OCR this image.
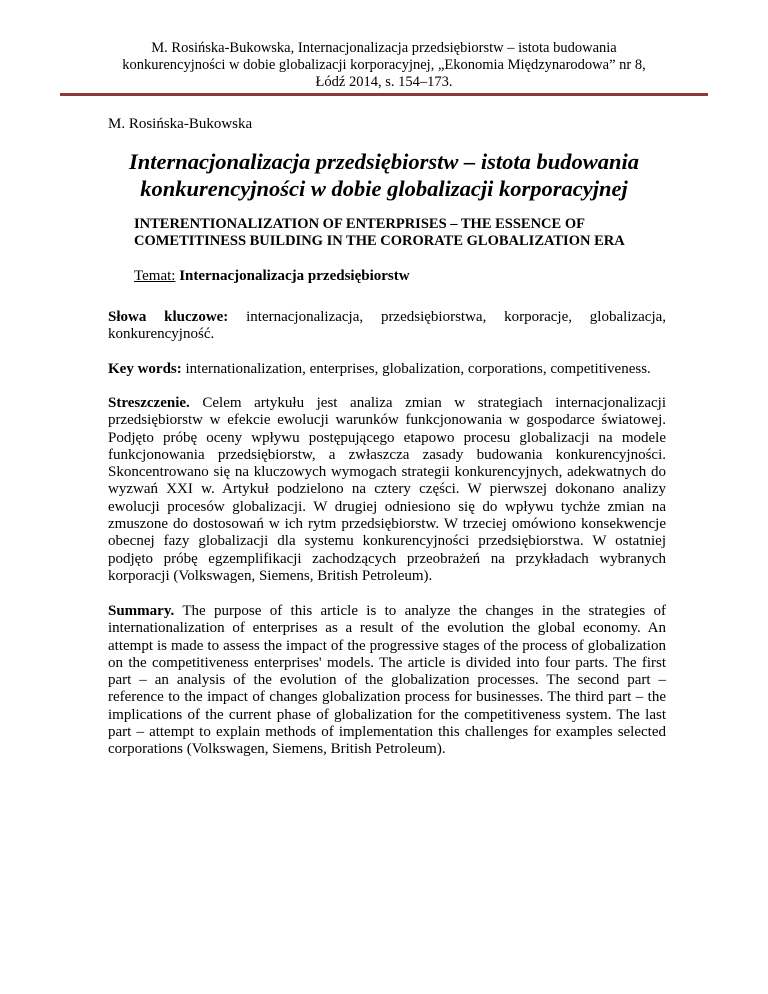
M. Rosińska-Bukowska, Internacjonalizacja przedsiębiorstw – istota budowania
konkurencyjności w dobie globalizacji korporacyjnej, „Ekonomia Międzynarodowa” nr 8,
Łódź 2014, s. 154–173.
M. Rosińska-Bukowska
Internacjonalizacja przedsiębiorstw – istota budowania
konkurencyjności w dobie globalizacji korporacyjnej
INTERENTIONALIZATION OF ENTERPRISES – THE ESSENCE OF
COMETITINESS BUILDING IN THE CORORATE GLOBALIZATION ERA
Temat: Internacjonalizacja przedsiębiorstw
Słowa kluczowe: internacjonalizacja, przedsiębiorstwa, korporacje, globalizacja, konkurencyjność.
Key words: internationalization, enterprises, globalization, corporations, competitiveness.
Streszczenie. Celem artykułu jest analiza zmian w strategiach internacjonalizacji przedsiębiorstw w efekcie ewolucji warunków funkcjonowania w gospodarce światowej. Podjęto próbę oceny wpływu postępującego etapowo procesu globalizacji na modele funkcjonowania przedsiębiorstw, a zwłaszcza zasady budowania konkurencyjności. Skoncentrowano się na kluczowych wymogach strategii konkurencyjnych, adekwatnych do wyzwań XXI w. Artykuł podzielono na cztery części. W pierwszej dokonano analizy ewolucji procesów globalizacji. W drugiej odniesiono się do wpływu tychże zmian na zmuszone do dostosowań w ich rytm przedsiębiorstw. W trzeciej omówiono konsekwencje obecnej fazy globalizacji dla systemu konkurencyjności przedsiębiorstwa. W ostatniej podjęto próbę egzemplifikacji zachodzących przeobrażeń na przykładach wybranych korporacji (Volkswagen, Siemens, British Petroleum).
Summary. The purpose of this article is to analyze the changes in the strategies of internationalization of enterprises as a result of the evolution the global economy. An attempt is made to assess the impact of the progressive stages of the process of globalization on the competitiveness enterprises' models. The article is divided into four parts. The first part – an analysis of the evolution of the globalization processes. The second part – reference to the impact of changes globalization process for businesses. The third part – the implications of the current phase of globalization for the competitiveness system. The last part – attempt to explain methods of implementation this challenges for examples selected corporations (Volkswagen, Siemens, British Petroleum).
